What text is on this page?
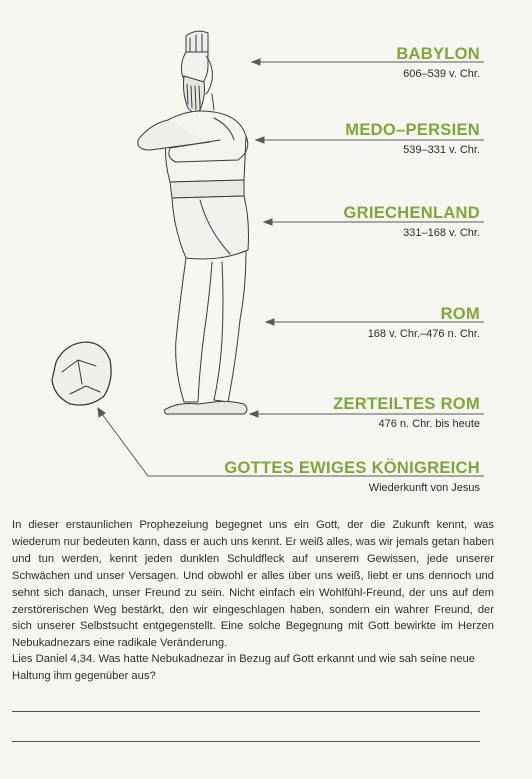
BABYLON
606–539 v. Chr.
MEDO–PERSIEN
539–331 v. Chr.
GRIECHENLAND
331–168 v. Chr.
ROM
168 v. Chr.–476 n. Chr.
ZERTEILTES ROM
476 n. Chr. bis heute
GOTTES EWIGES KÖNIGREICH
Wiederkunft von Jesus
In dieser erstaunlichen Prophezeiung begegnet uns ein Gott, der die Zukunft kennt, was wiederum nur bedeuten kann, dass er auch uns kennt. Er weiß alles, was wir jemals getan haben und tun werden, kennt jeden dunklen Schuldfleck auf unserem Gewissen, jede unserer Schwächen und unser Versagen. Und obwohl er alles über uns weiß, liebt er uns dennoch und sehnt sich danach, unser Freund zu sein. Nicht einfach ein Wohlfühl-Freund, der uns auf dem zerstörerischen Weg bestärkt, den wir eingeschlagen haben, sondern ein wahrer Freund, der sich unserer Selbstsucht entgegenstellt. Eine solche Begegnung mit Gott bewirkte im Herzen Nebukadnezars eine radikale Veränderung.
Lies Daniel 4,34. Was hatte Nebukadnezar in Bezug auf Gott erkannt und wie sah seine neue Haltung ihm gegenüber aus?
